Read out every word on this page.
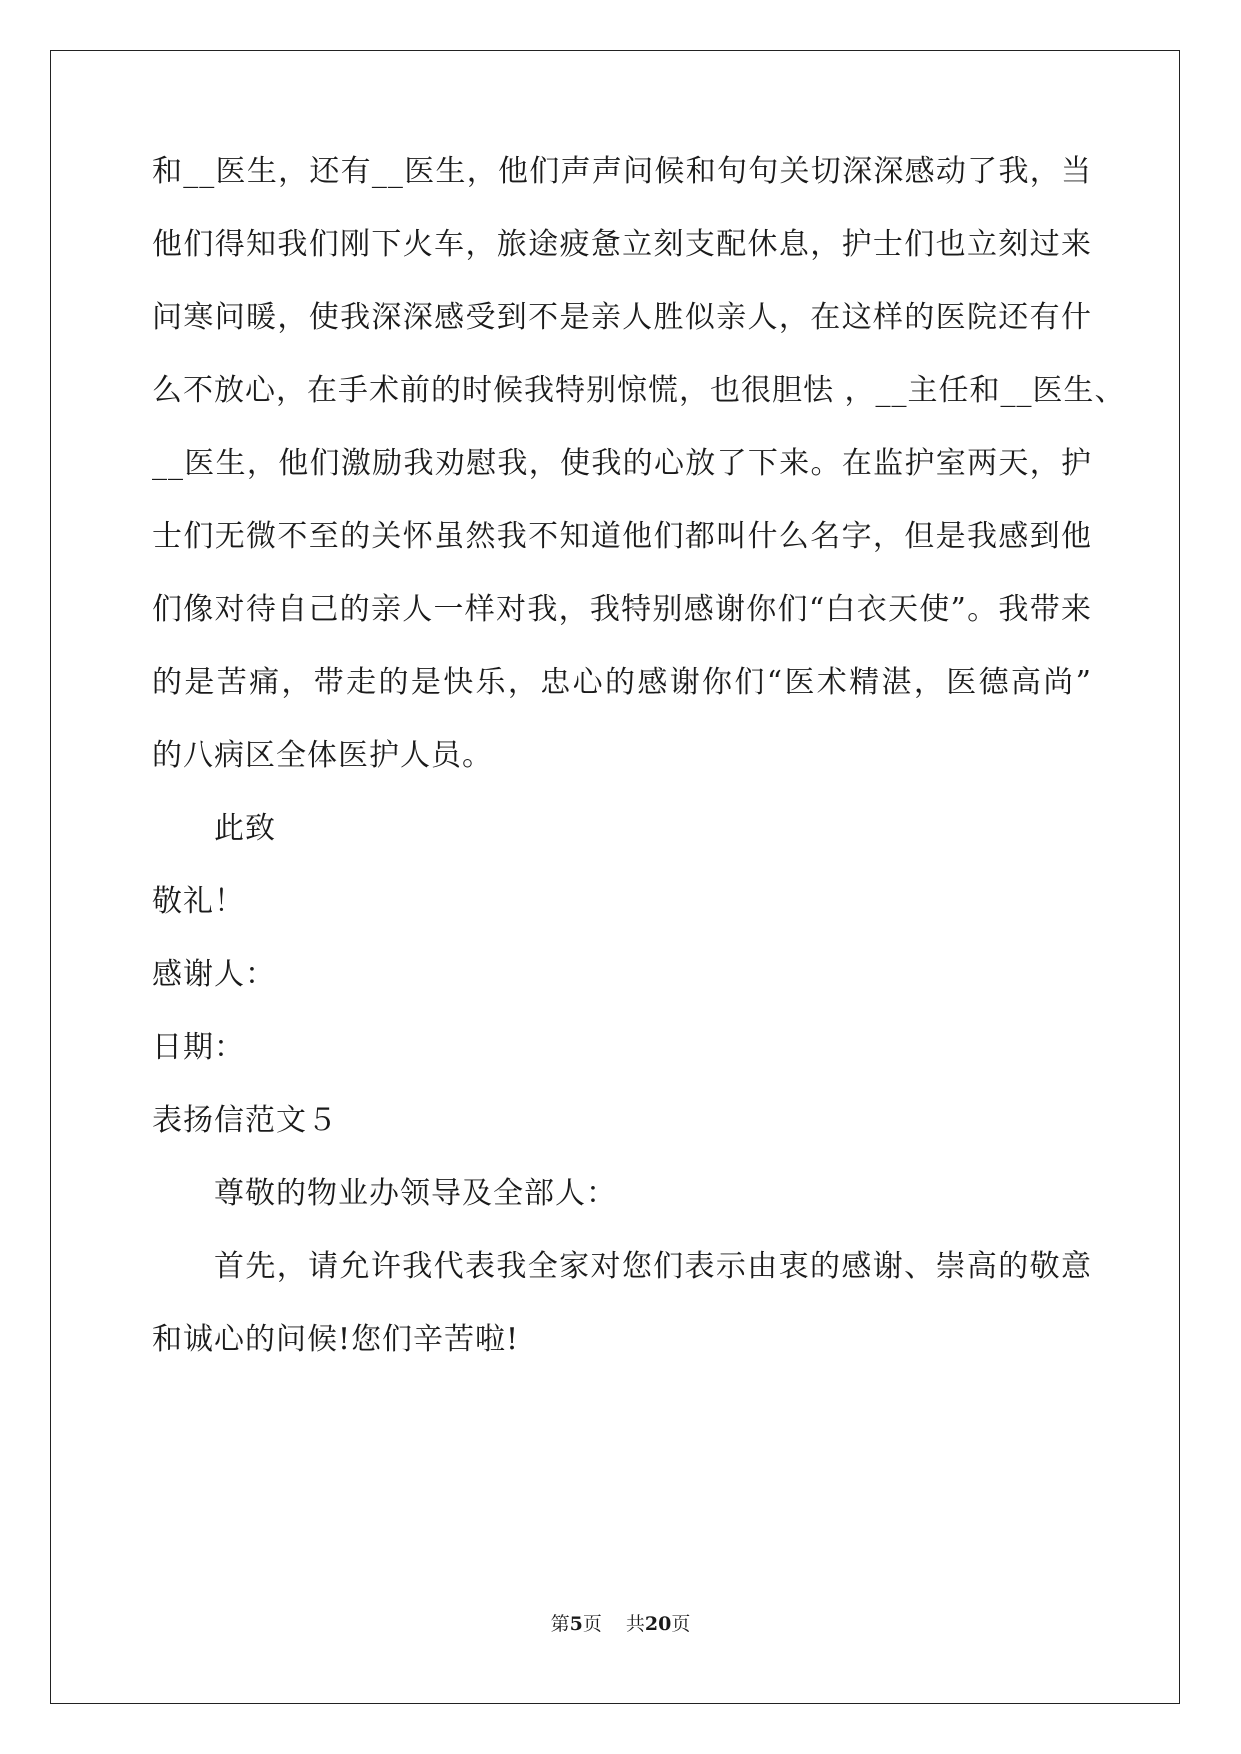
和__医生，还有__医生，他们声声问候和句句关切深深感动了我，当
他们得知我们刚下火车，旅途疲惫立刻支配休息，护士们也立刻过来
问寒问暖，使我深深感受到不是亲人胜似亲人，在这样的医院还有什
么不放心，在手术前的时候我特别惊慌，也很胆怯 ，__主任和__医生、
__医生，他们激励我劝慰我，使我的心放了下来。在监护室两天，护
士们无微不至的关怀虽然我不知道他们都叫什么名字，但是我感到他
们像对待自己的亲人一样对我，我特别感谢你们“白衣天使”。我带来
的是苦痛，带走的是快乐，忠心的感谢你们“医术精湛，医德高尚”
的八病区全体医护人员。
此致
敬礼！
感谢人：
日期：
表扬信范文５
尊敬的物业办领导及全部人：
首先，请允许我代表我全家对您们表示由衷的感谢、崇高的敬意
和诚心的问候!您们辛苦啦!
第5页 共20页
